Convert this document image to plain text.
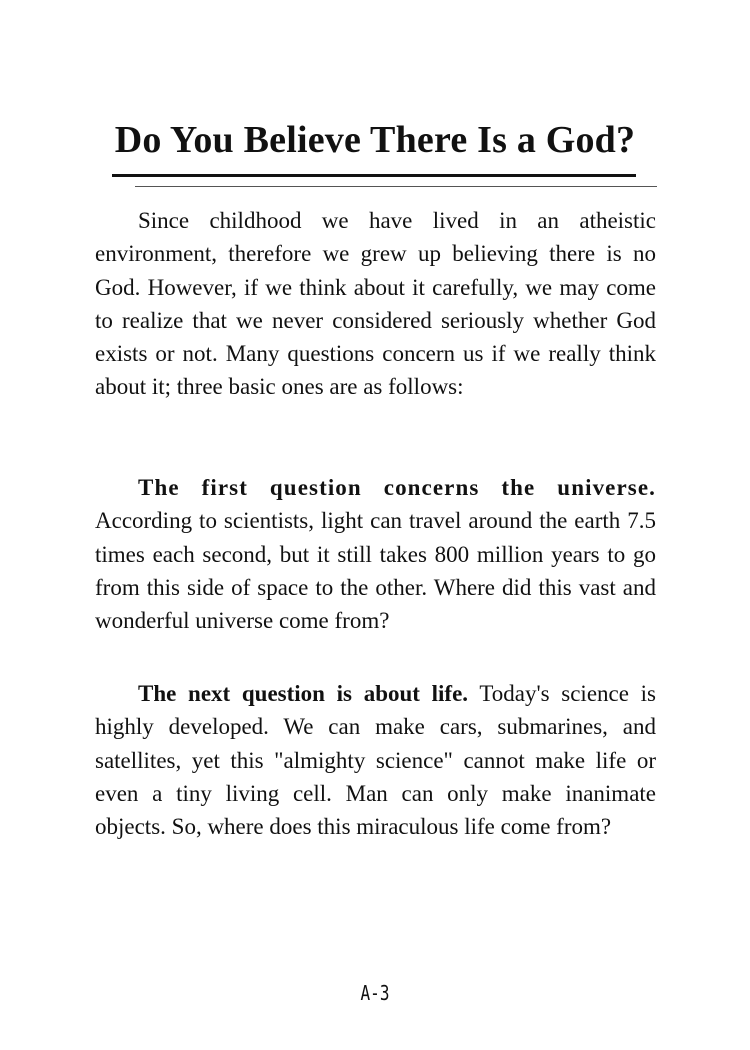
Do You Believe There Is a God?

Since childhood we have lived in an atheistic environment, therefore we grew up believing there is no God. However, if we think about it carefully, we may come to realize that we never considered seriously whether God exists or not. Many questions concern us if we really think about it; three basic ones are as follows:

The first question concerns the universe. According to scientists, light can travel around the earth 7.5 times each second, but it still takes 800 million years to go from this side of space to the other. Where did this vast and wonderful universe come from?

The next question is about life. Today's science is highly developed. We can make cars, submarines, and satellites, yet this "almighty science" cannot make life or even a tiny living cell. Man can only make inanimate objects. So, where does this miraculous life come from?

A-3
